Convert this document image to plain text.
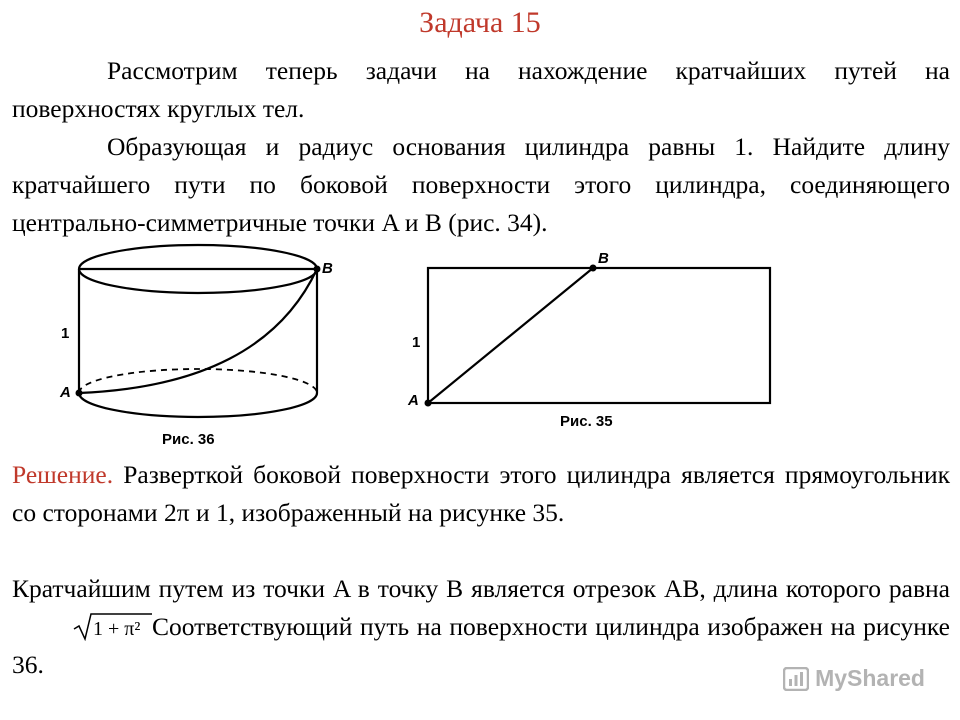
Задача 15
Рассмотрим теперь задачи на нахождение кратчайших путей на поверхностях круглых тел.
Образующая и радиус основания цилиндра равны 1. Найдите длину кратчайшего пути по боковой поверхности этого цилиндра, соединяющего центрально-симметричные точки A и B (рис. 34).
A
B
1
Рис. 36
A
B
1
Рис. 35
Решение. Разверткой боковой поверхности этого цилиндра является прямоугольник со сторонами 2π и 1, изображенный на рисунке 35.
Кратчайшим путем из точки A в точку B является отрезок AB, длина которого равна
1 + π² Соответствующий путь на поверхности цилиндра изображен на рисунке 36.	MyShared
